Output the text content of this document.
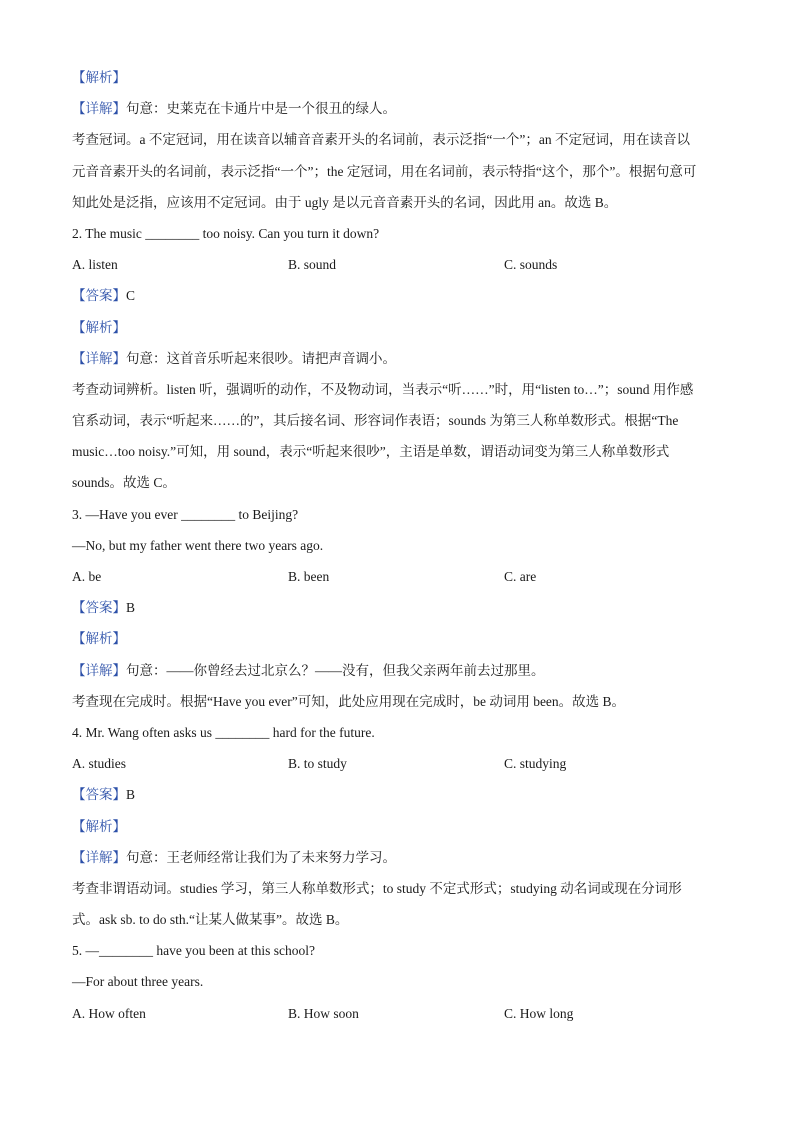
【解析】
【详解】句意：史莱克在卡通片中是一个很丑的绿人。
考查冠词。a 不定冠词，用在读音以辅音音素开头的名词前，表示泛指“一个”；an 不定冠词，用在读音以
元音音素开头的名词前，表示泛指“一个”；the 定冠词，用在名词前，表示特指“这个，那个”。根据句意可
知此处是泛指，应该用不定冠词。由于 ugly 是以元音音素开头的名词，因此用 an。故选 B。
2. The music ________ too noisy. Can you turn it down?
A. listen	B. sound	C. sounds
【答案】C
【解析】
【详解】句意：这首音乐听起来很吵。请把声音调小。
考查动词辨析。listen 听，强调听的动作，不及物动词，当表示“听……”时，用“listen to…”；sound 用作感
官系动词，表示“听起来……的”，其后接名词、形容词作表语；sounds 为第三人称单数形式。根据“The
music…too noisy.”可知，用 sound，表示“听起来很吵”，主语是单数，谓语动词变为第三人称单数形式
sounds。故选 C。
3. —Have you ever ________ to Beijing?
—No, but my father went there two years ago.
A. be	B. been	C. are
【答案】B
【解析】
【详解】句意：——你曾经去过北京么？——没有，但我父亲两年前去过那里。
考查现在完成时。根据“Have you ever”可知，此处应用现在完成时，be 动词用 been。故选 B。
4. Mr. Wang often asks us ________ hard for the future.
A. studies	B. to study	C. studying
【答案】B
【解析】
【详解】句意：王老师经常让我们为了未来努力学习。
考查非谓语动词。studies 学习，第三人称单数形式；to study 不定式形式；studying 动名词或现在分词形
式。ask sb. to do sth.“让某人做某事”。故选 B。
5. —________ have you been at this school?
—For about three years.
A. How often	B. How soon	C. How long
